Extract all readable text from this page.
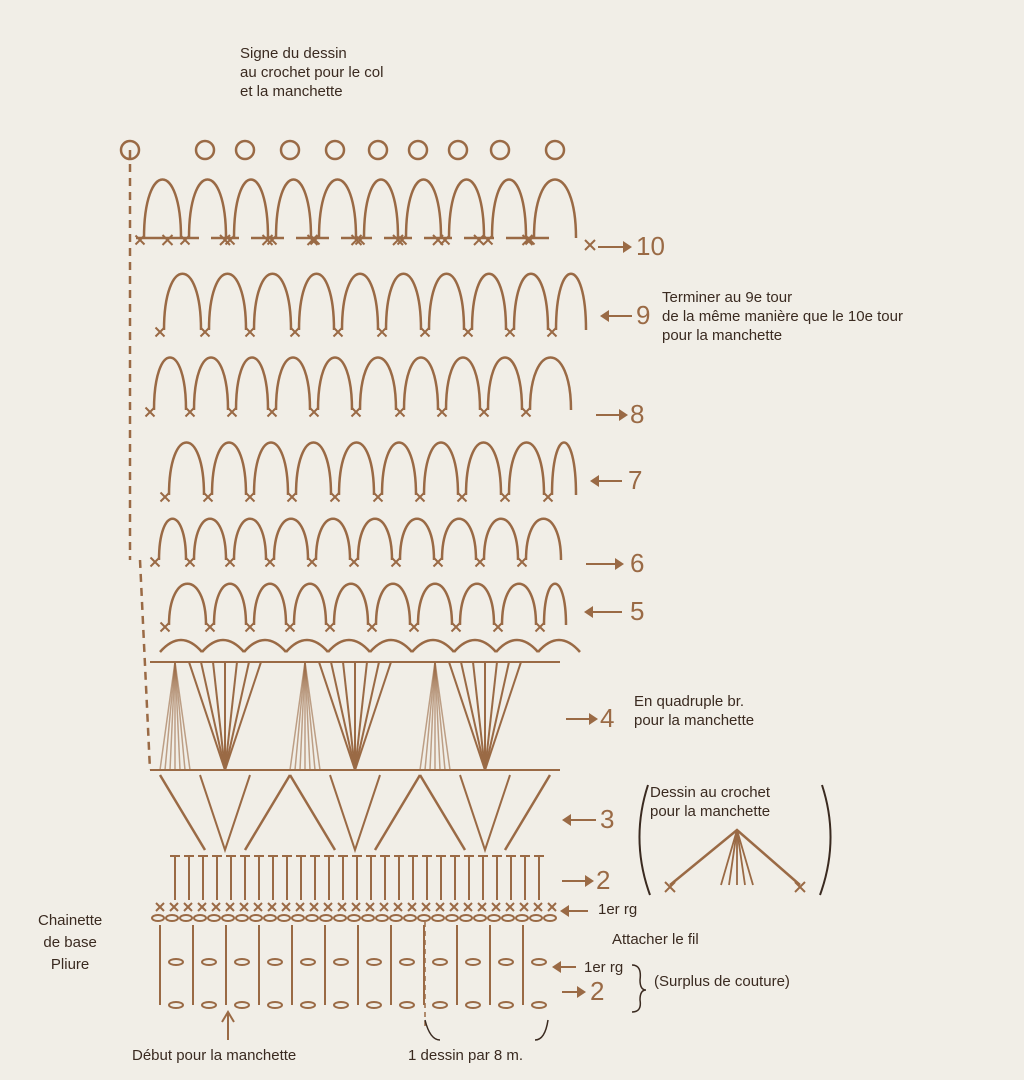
Signe du dessin
au crochet pour le col
et la manchette
10
9
8
7
6
5
4
3
2
2
Terminer au 9e tour
de la même manière que le 10e tour
pour la manchette
En quadruple br.
pour la manchette
Dessin au crochet
pour la manchette
1er rg
Attacher le fil
1er rg
(Surplus de couture)
Chainette
de base
Pliure
Début pour la manchette	1 dessin par 8 m.
